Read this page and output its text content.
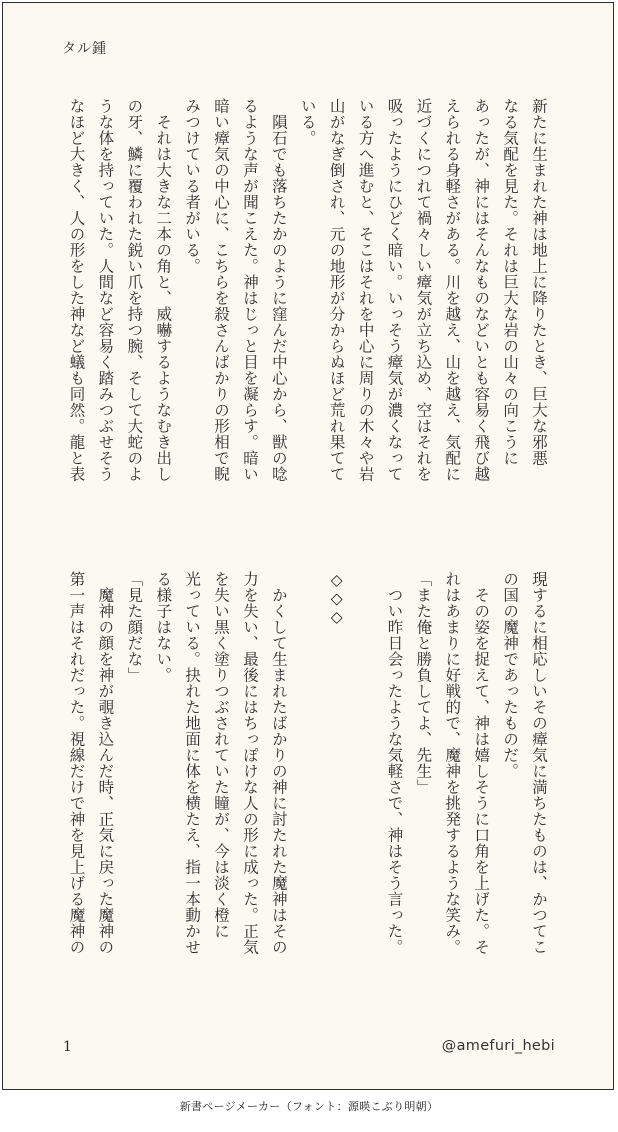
タル鍾
新たに生まれた神は地上に降りたとき、巨大な邪悪
なる気配を見た。それは巨大な岩の山々の向こうに
あったが、神にはそんなものなどいとも容易く飛び越
えられる身軽さがある。川を越え、山を越え、気配に
近づくにつれて禍々しい瘴気が立ち込め、空はそれを
吸ったようにひどく暗い。いっそう瘴気が濃くなって
いる方へ進むと、そこはそれを中心に周りの木々や岩
山がなぎ倒され、元の地形が分からぬほど荒れ果てて
いる。
　隕石でも落ちたかのように窪んだ中心から、獣の唸
るような声が聞こえた。神はじっと目を凝らす。暗い
暗い瘴気の中心に、こちらを殺さんばかりの形相で睨
みつけている者がいる。
　それは大きな二本の角と、威嚇するようなむき出し
の牙、鱗に覆われた鋭い爪を持つ腕、そして大蛇のよ
うな体を持っていた。人間など容易く踏みつぶせそう
なほど大きく、人の形をした神など蟻も同然。龍と表
現するに相応しいその瘴気に満ちたものは、かつてこ
の国の魔神であったものだ。
　その姿を捉えて、神は嬉しそうに口角を上げた。そ
れはあまりに好戦的で、魔神を挑発するような笑み。
「また俺と勝負してよ、先生」
　つい昨日会ったような気軽さで、神はそう言った。

◇◇◇

　かくして生まれたばかりの神に討たれた魔神はその
力を失い、最後にはちっぽけな人の形に成った。正気
を失い黒く塗りつぶされていた瞳が、今は淡く橙に
光っている。抉れた地面に体を横たえ、指一本動かせ
る様子はない。
「見た顔だな」
　魔神の顔を神が覗き込んだ時、正気に戻った魔神の
第一声はそれだった。視線だけで神を見上げる魔神の
1	@amefuri_hebi
新書ページメーカー（フォント：源暎こぶり明朝）
